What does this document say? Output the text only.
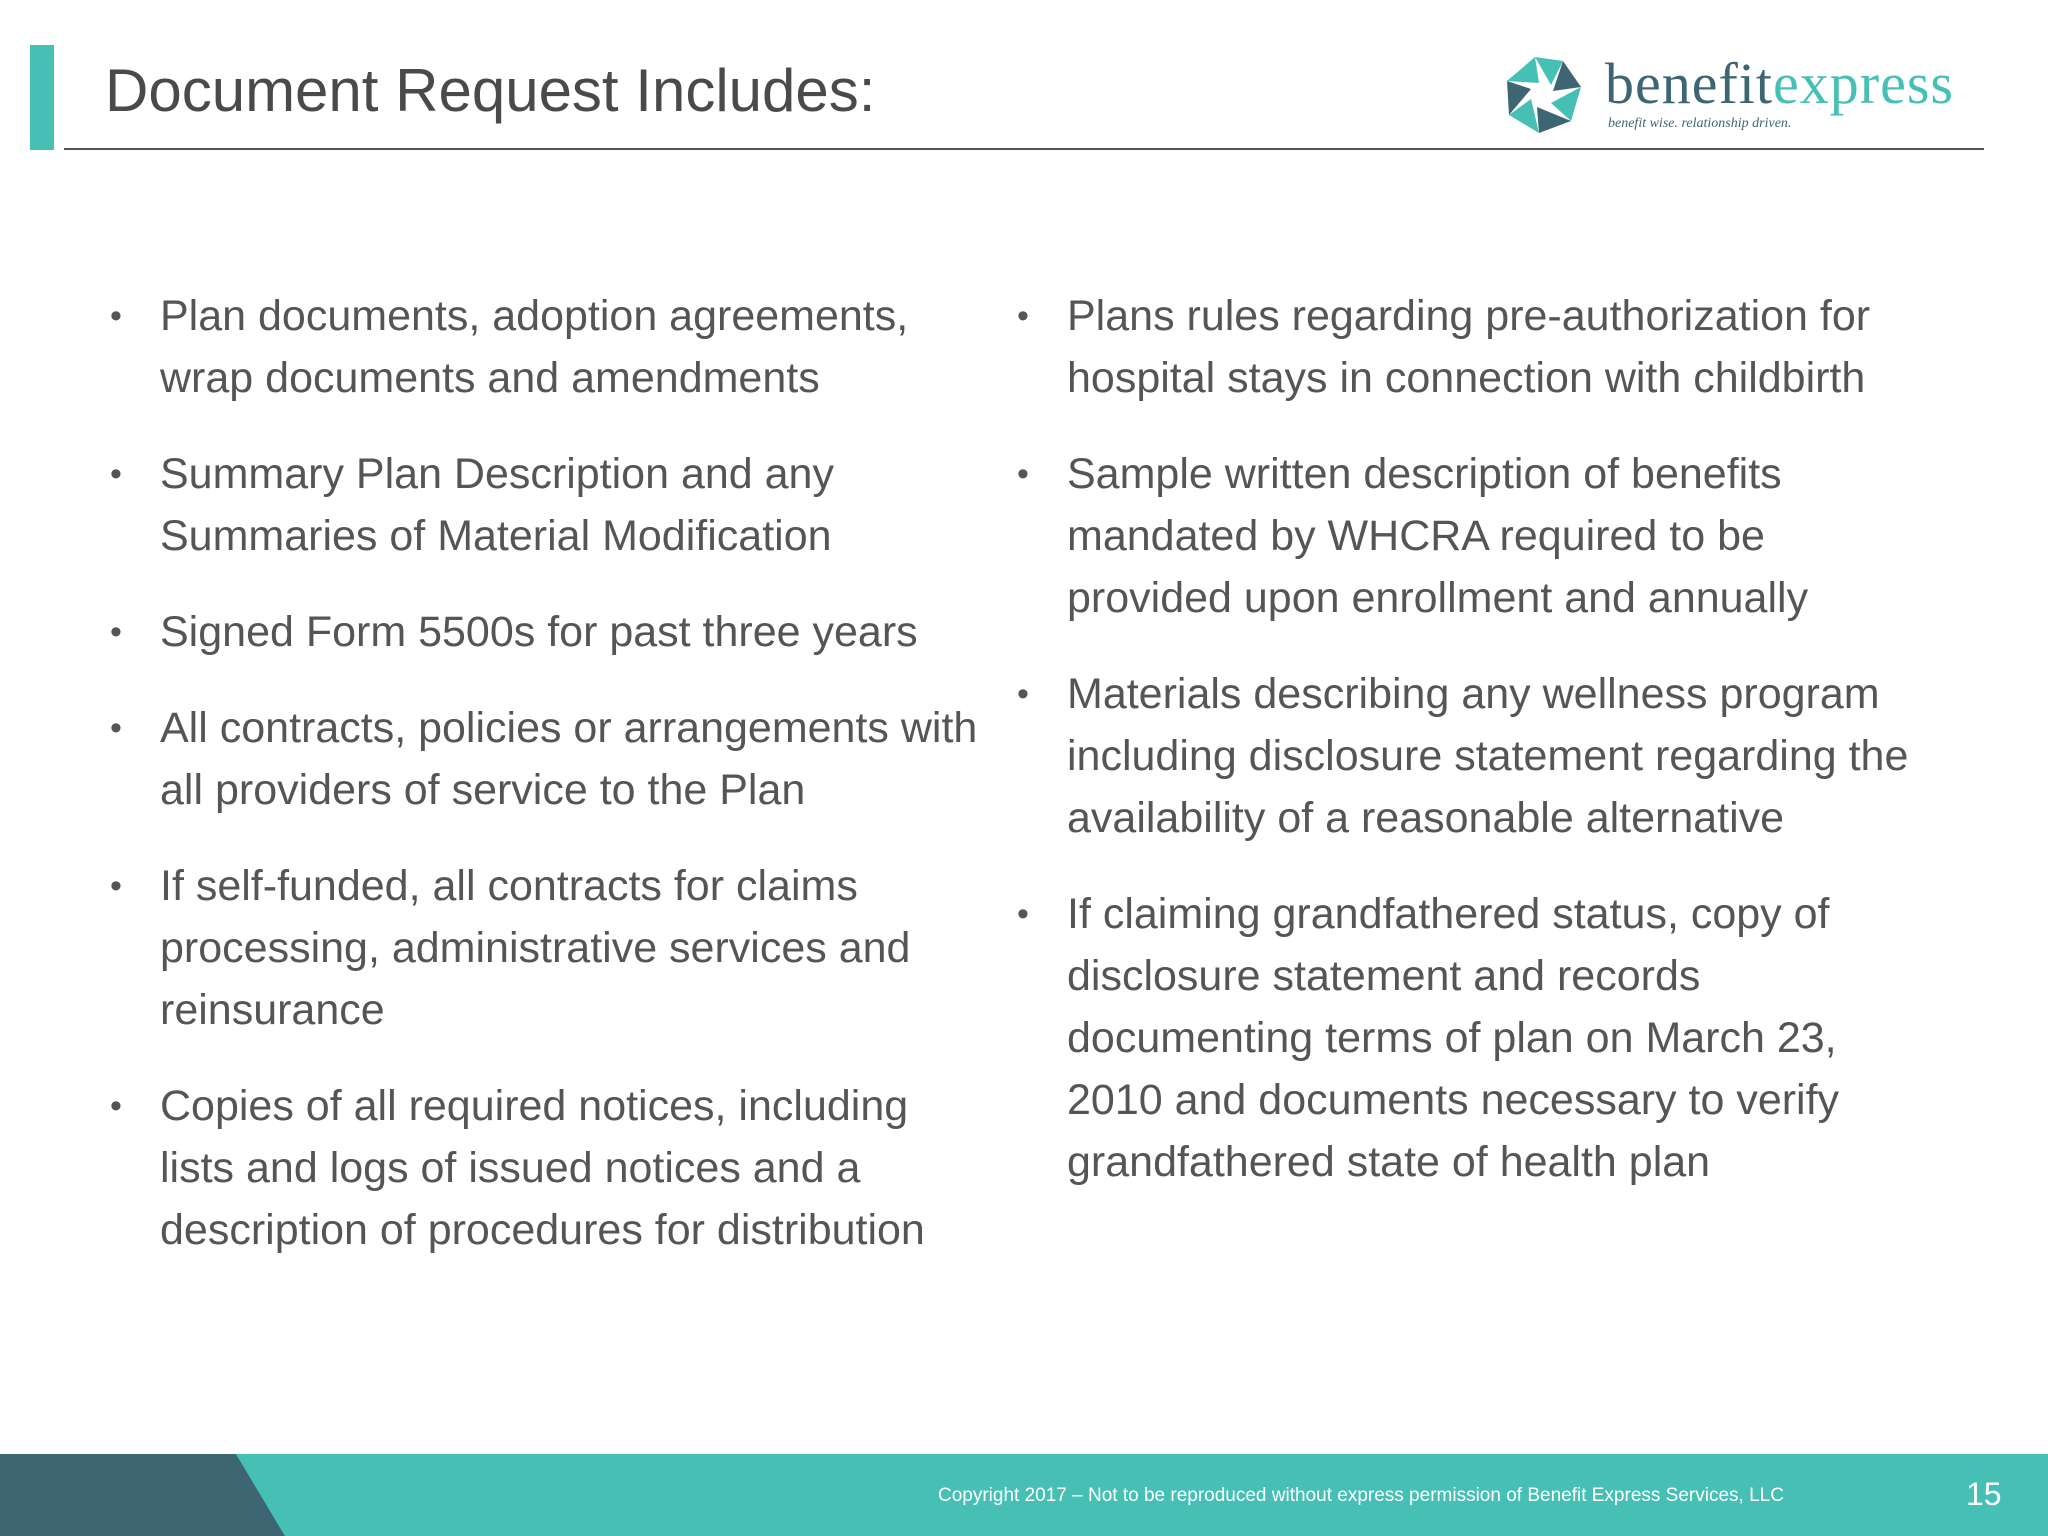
Document Request Includes:	benefitexpress
benefit wise. relationship driven.
• Plan documents, adoption agreements, wrap documents and amendments
• Summary Plan Description and any Summaries of Material Modification
• Signed Form 5500s for past three years
• All contracts, policies or arrangements with all providers of service to the Plan
• If self-funded, all contracts for claims processing, administrative services and reinsurance
• Copies of all required notices, including lists and logs of issued notices and a description of procedures for distribution
• Plans rules regarding pre-authorization for hospital stays in connection with childbirth
• Sample written description of benefits mandated by WHCRA required to be provided upon enrollment and annually
• Materials describing any wellness program including disclosure statement regarding the availability of a reasonable alternative
• If claiming grandfathered status, copy of disclosure statement and records documenting terms of plan on March 23, 2010 and documents necessary to verify grandfathered state of health plan
Copyright 2017 – Not to be reproduced without express permission of Benefit Express Services, LLC	15
